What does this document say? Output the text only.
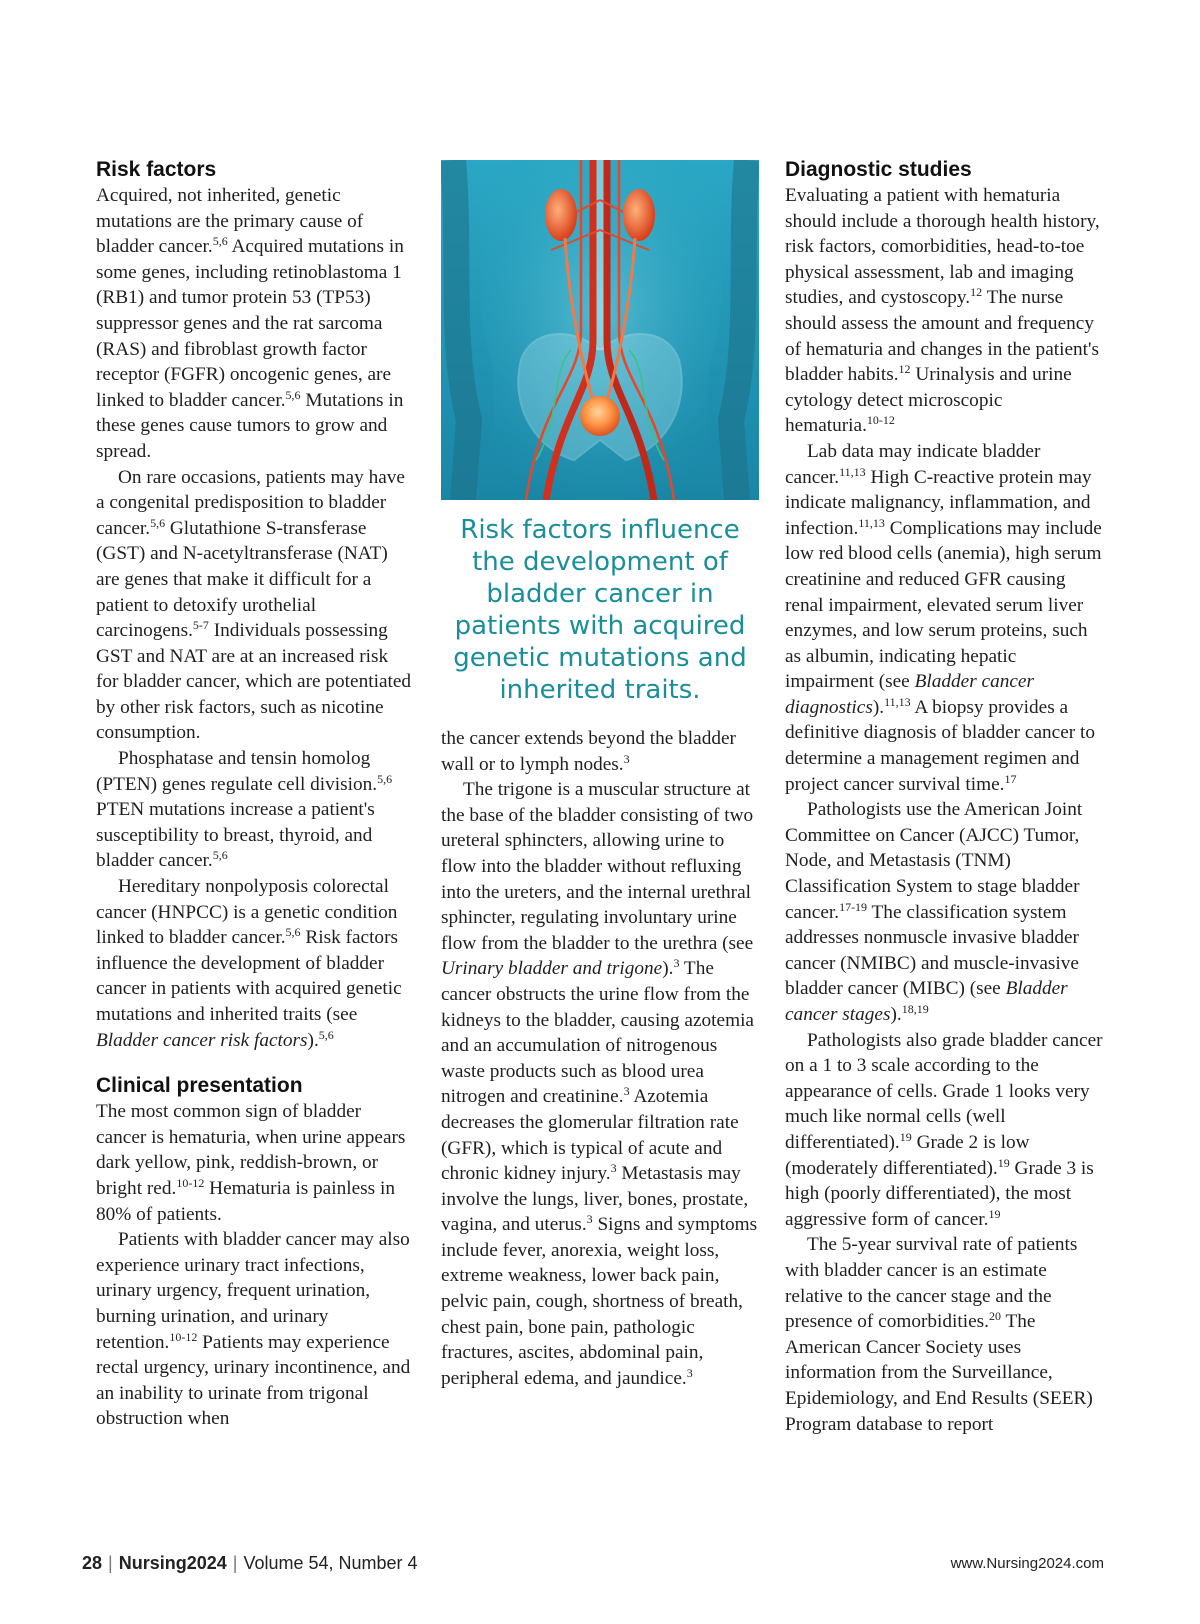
Risk factors

Acquired, not inherited, genetic mutations are the primary cause of bladder cancer.$^{5,6}$ Acquired mutations in some genes, including retinoblastoma 1 (RB1) and tumor protein 53 (TP53) suppressor genes and the rat sarcoma (RAS) and fibroblast growth factor receptor (FGFR) oncogenic genes, are linked to bladder cancer.$^{5,6}$ Mutations in these genes cause tumors to grow and spread.

On rare occasions, patients may have a congenital predisposition to bladder cancer.$^{5,6}$ Glutathione S-transferase (GST) and N-acetyltransferase (NAT) are genes that make it difficult for a patient to detoxify urothelial carcinogens.$^{5-7}$ Individuals possessing GST and NAT are at an increased risk for bladder cancer, which are potentiated by other risk factors, such as nicotine consumption.

Phosphatase and tensin homolog (PTEN) genes regulate cell division.$^{5,6}$ PTEN mutations increase a patient's susceptibility to breast, thyroid, and bladder cancer.$^{5,6}$

Hereditary nonpolyposis colorectal cancer (HNPCC) is a genetic condition linked to bladder cancer.$^{5,6}$ Risk factors influence the development of bladder cancer in patients with acquired genetic mutations and inherited traits (see Bladder cancer risk factors).$^{5,6}$

Clinical presentation

The most common sign of bladder cancer is hematuria, when urine appears dark yellow, pink, reddish-brown, or bright red.$^{10-12}$ Hematuria is painless in 80% of patients.

Patients with bladder cancer may also experience urinary tract infections, urinary urgency, frequent urination, burning urination, and urinary retention.$^{10-12}$ Patients may experience rectal urgency, urinary incontinence, and an inability to urinate from trigonal obstruction when

Risk factors influence the development of bladder cancer in patients with acquired genetic mutations and inherited traits.

the cancer extends beyond the bladder wall or to lymph nodes.$^3$

The trigone is a muscular structure at the base of the bladder consisting of two ureteral sphincters, allowing urine to flow into the bladder without refluxing into the ureters, and the internal urethral sphincter, regulating involuntary urine flow from the bladder to the urethra (see Urinary bladder and trigone).$^3$ The cancer obstructs the urine flow from the kidneys to the bladder, causing azotemia and an accumulation of nitrogenous waste products such as blood urea nitrogen and creatinine.$^3$ Azotemia decreases the glomerular filtration rate (GFR), which is typical of acute and chronic kidney injury.$^3$ Metastasis may involve the lungs, liver, bones, prostate, vagina, and uterus.$^3$ Signs and symptoms include fever, anorexia, weight loss, extreme weakness, lower back pain, pelvic pain, cough, shortness of breath, chest pain, bone pain, pathologic fractures, ascites, abdominal pain, peripheral edema, and jaundice.$^3$

Diagnostic studies

Evaluating a patient with hematuria should include a thorough health history, risk factors, comorbidities, head-to-toe physical assessment, lab and imaging studies, and cystoscopy.$^{12}$ The nurse should assess the amount and frequency of hematuria and changes in the patient's bladder habits.$^{12}$ Urinalysis and urine cytology detect microscopic hematuria.$^{10-12}$

Lab data may indicate bladder cancer.$^{11,13}$ High C-reactive protein may indicate malignancy, inflammation, and infection.$^{11,13}$ Complications may include low red blood cells (anemia), high serum creatinine and reduced GFR causing renal impairment, elevated serum liver enzymes, and low serum proteins, such as albumin, indicating hepatic impairment (see Bladder cancer diagnostics).$^{11,13}$ A biopsy provides a definitive diagnosis of bladder cancer to determine a management regimen and project cancer survival time.$^{17}$

Pathologists use the American Joint Committee on Cancer (AJCC) Tumor, Node, and Metastasis (TNM) Classification System to stage bladder cancer.$^{17-19}$ The classification system addresses nonmuscle invasive bladder cancer (NMIBC) and muscle-invasive bladder cancer (MIBC) (see Bladder cancer stages).$^{18,19}$

Pathologists also grade bladder cancer on a 1 to 3 scale according to the appearance of cells. Grade 1 looks very much like normal cells (well differentiated).$^{19}$ Grade 2 is low (moderately differentiated).$^{19}$ Grade 3 is high (poorly differentiated), the most aggressive form of cancer.$^{19}$

The 5-year survival rate of patients with bladder cancer is an estimate relative to the cancer stage and the presence of comorbidities.$^{20}$ The American Cancer Society uses information from the Surveillance, Epidemiology, and End Results (SEER) Program database to report

28 | Nursing2024 | Volume 54, Number 4	www.Nursing2024.com
